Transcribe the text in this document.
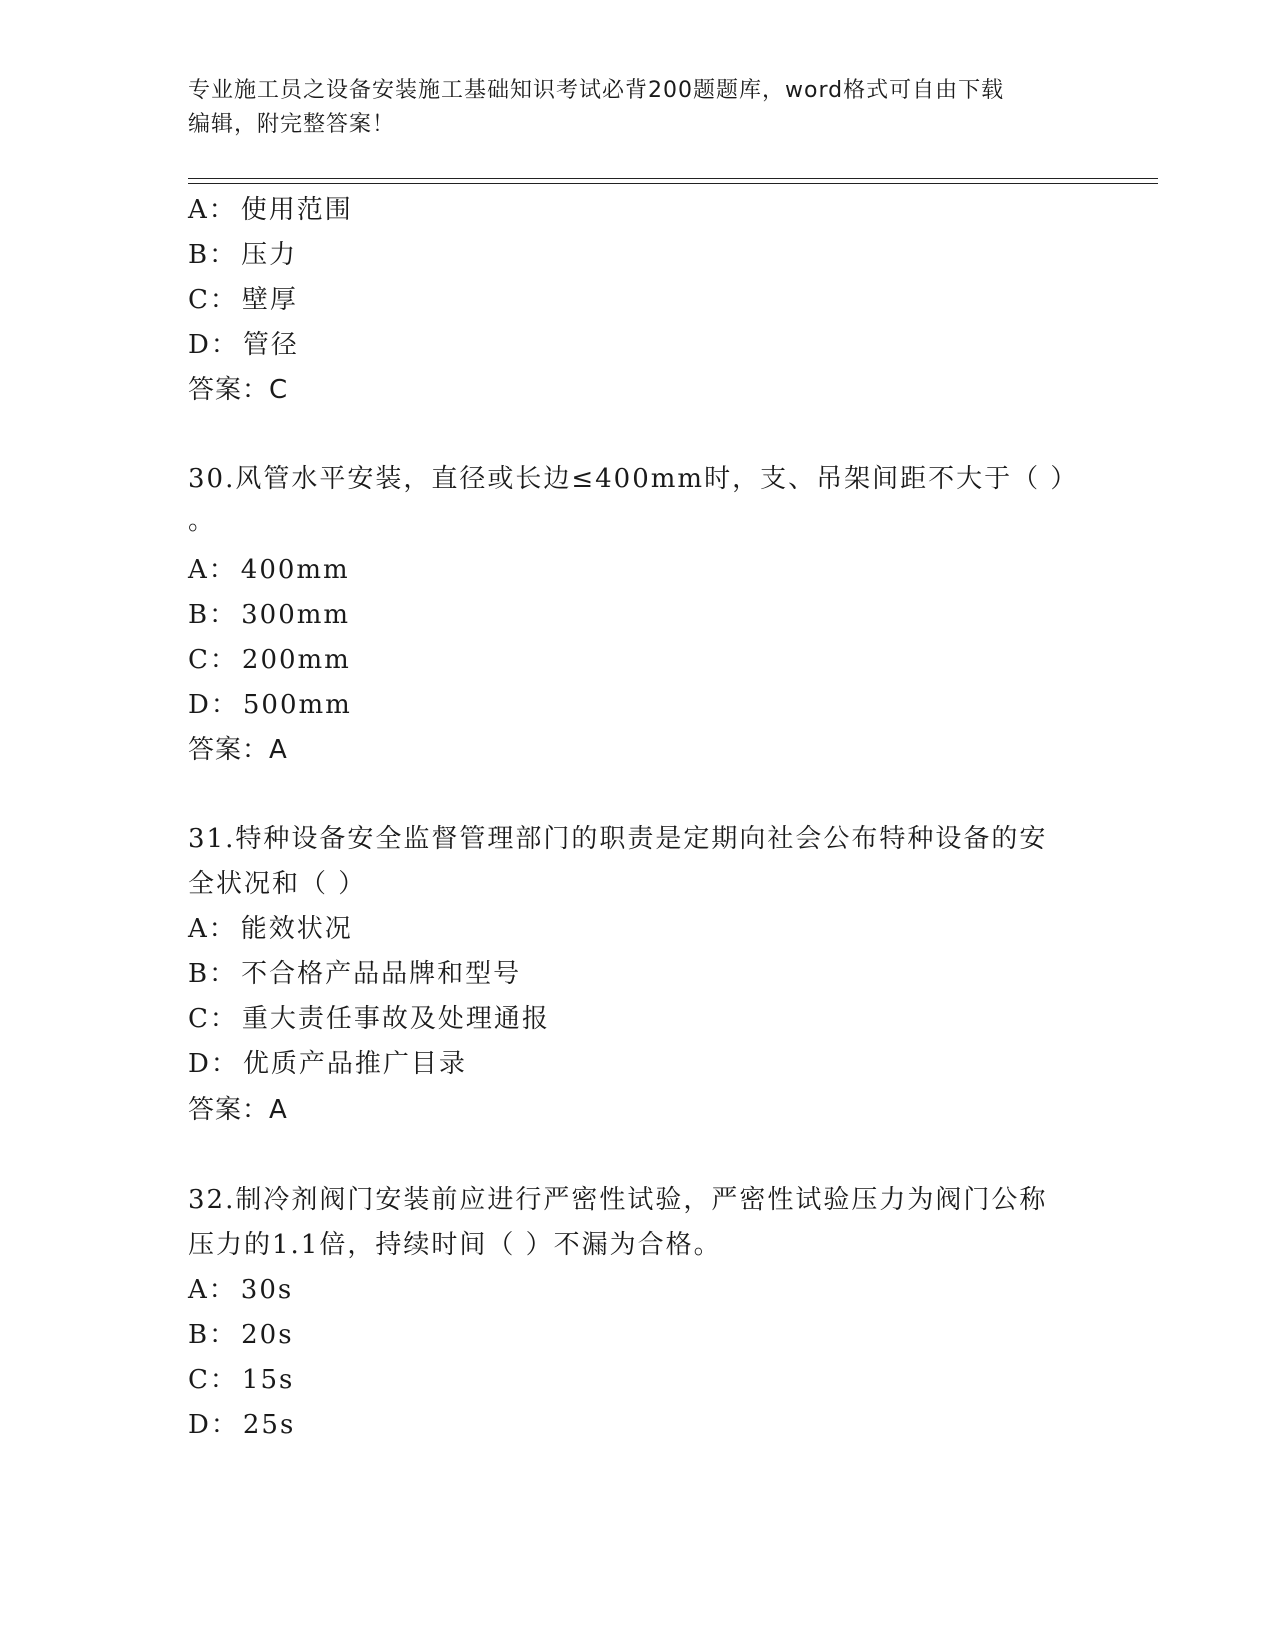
专业施工员之设备安装施工基础知识考试必背200题题库，word格式可自由下载
编辑，附完整答案！
A： 使用范围
B： 压力
C： 壁厚
D： 管径
答案：C
30.风管水平安装，直径或长边≤400mm时，支、吊架间距不大于（ ）
。
A： 400mm
B： 300mm
C： 200mm
D： 500mm
答案：A
31.特种设备安全监督管理部门的职责是定期向社会公布特种设备的安
全状况和（ ）
A： 能效状况
B： 不合格产品品牌和型号
C： 重大责任事故及处理通报
D： 优质产品推广目录
答案：A
32.制冷剂阀门安装前应进行严密性试验，严密性试验压力为阀门公称
压力的1.1倍，持续时间（ ）不漏为合格。
A： 30s
B： 20s
C： 15s
D： 25s
